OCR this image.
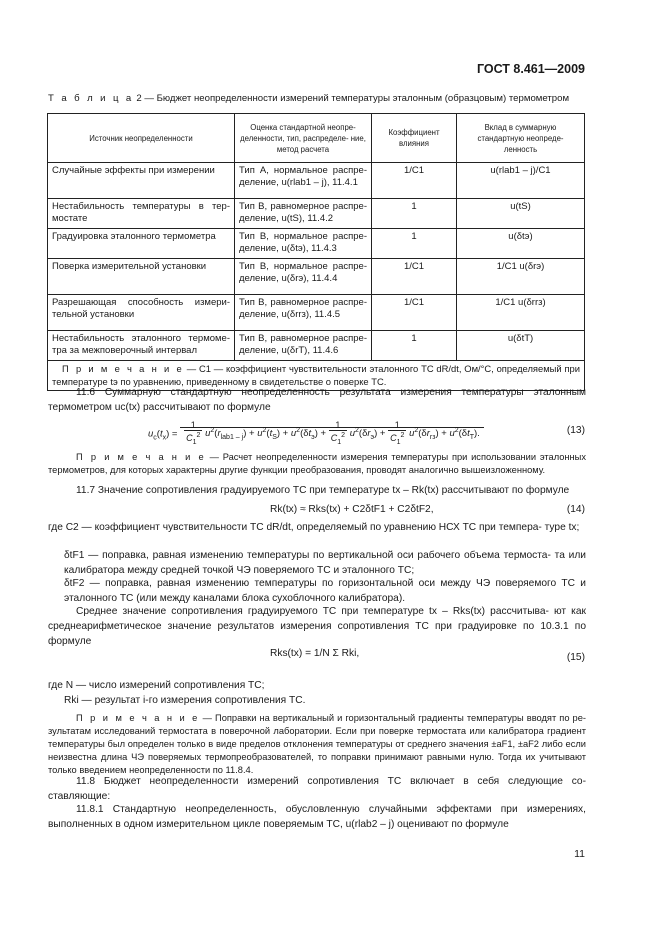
ГОСТ 8.461—2009
Т а б л и ц а 2 — Бюджет неопределенности измерений температуры эталонным (образцовым) термометром
Источник неопределенности	Оценка стандартной неопре- деленности, тип, распределе- ние, метод расчета	Коэффициент влияния	Вклад в суммарную стандартную неопреде- ленность
Случайные эффекты при измерении	Тип А, нормальное распре- деление, u(rlab1 – j), 11.4.1	1/C1	u(rlab1 – j)/C1
Нестабильность температуры в тер- мостате	Тип В, равномерное распре- деление, u(tS), 11.4.2	1	u(tS)
Градуировка эталонного термометра	Тип В, нормальное распре- деление, u(δtэ), 11.4.3	1	u(δtэ)
Поверка измерительной установки	Тип В, нормальное распре- деление, u(δrэ), 11.4.4	1/C1	1/C1 u(δrэ)
Разрешающая способность измери- тельной установки	Тип В, равномерное распре- деление, u(δrrз), 11.4.5	1/C1	1/C1 u(δrrз)
Нестабильность эталонного термоме- тра за межповерочный интервал	Тип В, равномерное распре- деление, u(δrT), 11.4.6	1	u(δtT)
П р и м е ч а н и е — C1 — коэффициент чувствительности эталонного ТС dR/dt, Ом/°С, определяемый при температуре tэ по уравнению, приведенному в свидетельстве о поверке ТС.			
11.6 Суммарную стандартную неопределенность результата измерения температуры эталонным термометром uc(tx) рассчитывают по формуле
$u_c(t_x) = \frac{1}{C_1^2} u^2(r_{lab1 - j}) + u^2(t_S) + u^2(\delta t_э) + \frac{1}{C_1^2} u^2(\delta r_э) + \frac{1}{C_1^2} u^2(\delta r_{rз}) + u^2(\delta t_T)$.	(13)
П р и м е ч а н и е — Расчет неопределенности измерения температуры при использовании эталонных термометров, для которых характерны другие функции преобразования, проводят аналогично вышеизложенному.
11.7 Значение сопротивления градуируемого ТС при температуре tx – Rk(tx) рассчитывают по формуле
Rk(tx) ≈ Rks(tx) + C2δtF1 + C2δtF2,	(14)
где C2 — коэффициент чувствительности ТС dR/dt, определяемый по уравнению НСХ ТС при темпера- туре tx;
δtF1 — поправка, равная изменению температуры по вертикальной оси рабочего объема термоста- та или калибратора между средней точкой ЧЭ поверяемого ТС и эталонного ТС;
δtF2 — поправка, равная изменению температуры по горизонтальной оси между ЧЭ поверяемого ТС и эталонного ТС (или между каналами блока сухоблочного калибратора).
Среднее значение сопротивления градуируемого ТС при температуре tx – Rks(tx) рассчитыва- ют как среднеарифметическое значение результатов измерения сопротивления ТС при градуировке по 10.3.1 по формуле
Rks(tx) = 1/N Σ Rki,	(15)
где N — число измерений сопротивления ТС;
Rki — результат i-го измерения сопротивления ТС.
П р и м е ч а н и е — Поправки на вертикальный и горизонтальный градиенты температуры вводят по ре- зультатам исследований термостата в поверочной лаборатории. Если при поверке термостата или калибратора градиент температуры был определен только в виде пределов отклонения температуры от среднего значения ±aF1, ±aF2 либо если неизвестна длина ЧЭ поверяемых термопреобразователей, то поправки принимают равными нулю. Тогда их учитывают только введением неопределенности по 11.8.4.
11.8 Бюджет неопределенности измерений сопротивления ТС включает в себя следующие со- ставляющие:
11.8.1 Стандартную неопределенность, обусловленную случайными эффектами при измерениях, выполненных в одном измерительном цикле поверяемым ТС, u(rlab2 – j) оценивают по формуле
11
